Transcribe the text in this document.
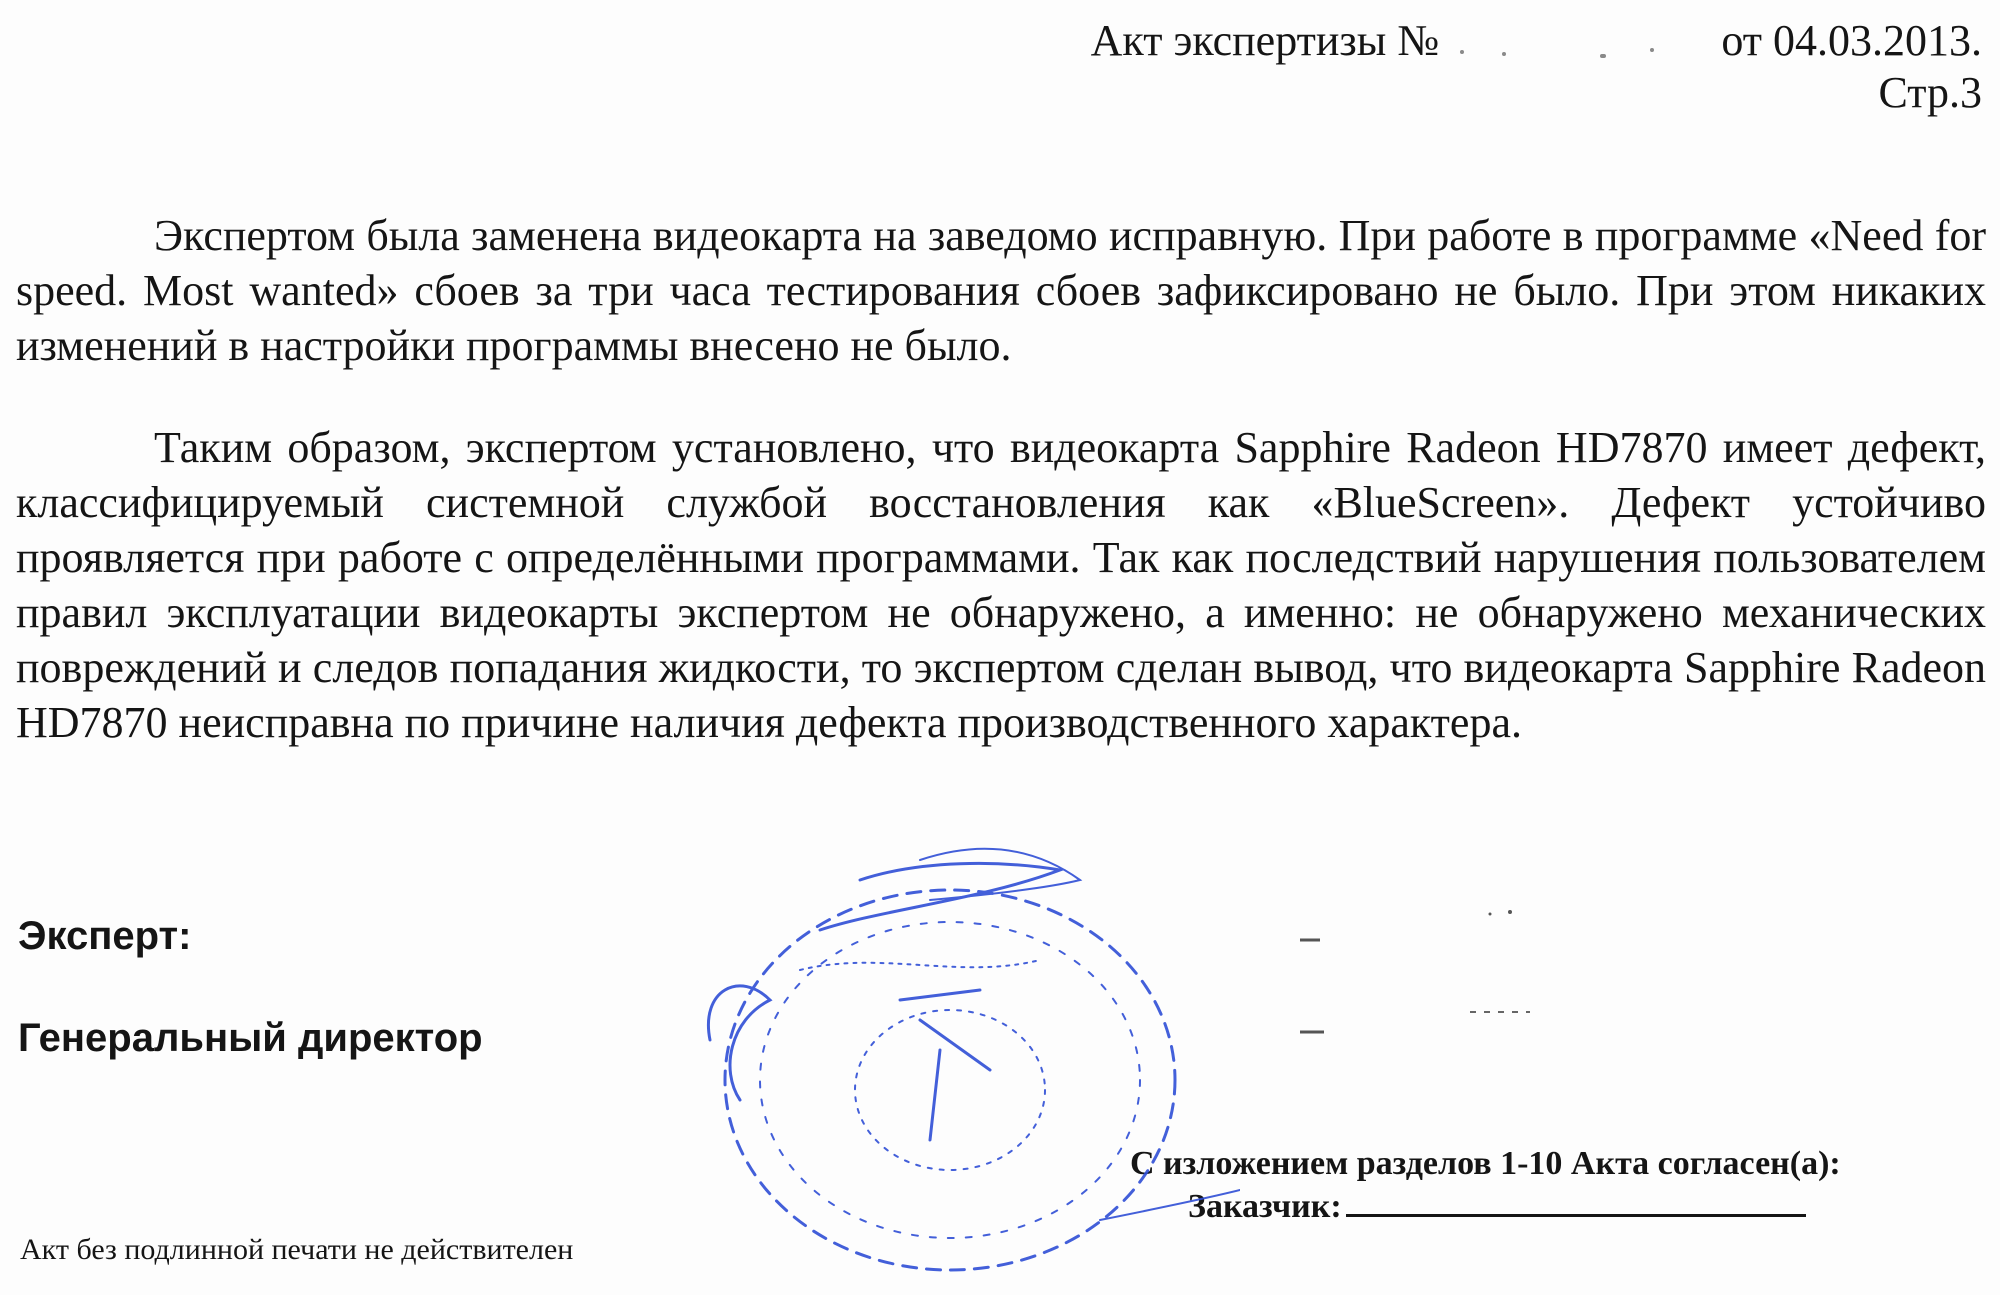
Акт экспертизы №	от 04.03.2013.
Стр.3

Экспертом была заменена видеокарта на заведомо исправную. При работе в программе «Need for speed. Most wanted» сбоев за три часа тестирования сбоев зафиксировано не было. При этом никаких изменений в настройки программы внесено не было.

Таким образом, экспертом установлено, что видеокарта Sapphire Radeon HD7870 имеет дефект, классифицируемый системной службой восстановления как «BlueScreen». Дефект устойчиво проявляется при работе с определёнными программами. Так как последствий нарушения пользователем правил эксплуатации видеокарты экспертом не обнаружено, а именно: не обнаружено механических повреждений и следов попадания жидкости, то экспертом сделан вывод, что видеокарта Sapphire Radeon HD7870 неисправна по причине наличия дефекта производственного характера.

Эксперт:
Генеральный директор
С изложением разделов 1-10 Акта согласен(а):
Заказчик:
Акт без подлинной печати не действителен
